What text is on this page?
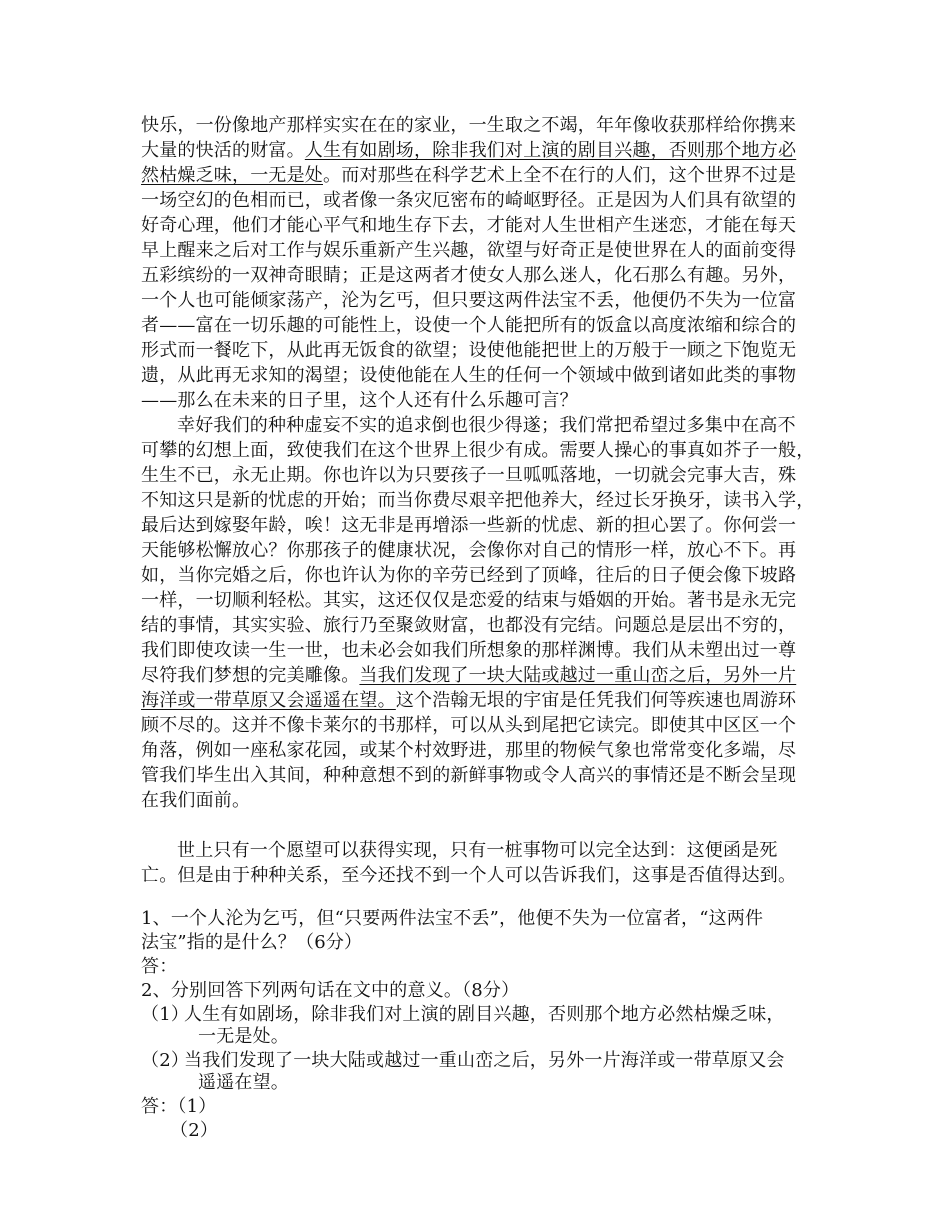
快乐，一份像地产那样实实在在的家业，一生取之不竭，年年像收获那样给你携来
大量的快活的财富。人生有如剧场，除非我们对上演的剧目兴趣，否则那个地方必
然枯燥乏味，一无是处。而对那些在科学艺术上全不在行的人们，这个世界不过是
一场空幻的色相而已，或者像一条灾厄密布的崎岖野径。正是因为人们具有欲望的
好奇心理，他们才能心平气和地生存下去，才能对人生世相产生迷恋，才能在每天
早上醒来之后对工作与娱乐重新产生兴趣，欲望与好奇正是使世界在人的面前变得
五彩缤纷的一双神奇眼睛；正是这两者才使女人那么迷人，化石那么有趣。另外，
一个人也可能倾家荡产，沦为乞丐，但只要这两件法宝不丢，他便仍不失为一位富
者——富在一切乐趣的可能性上，设使一个人能把所有的饭盒以高度浓缩和综合的
形式而一餐吃下，从此再无饭食的欲望；设使他能把世上的万般于一顾之下饱览无
遗，从此再无求知的渴望；设使他能在人生的任何一个领域中做到诸如此类的事物
——那么在未来的日子里，这个人还有什么乐趣可言？
幸好我们的种种虚妄不实的追求倒也很少得遂；我们常把希望过多集中在高不
可攀的幻想上面，致使我们在这个世界上很少有成。需要人操心的事真如芥子一般，
生生不已，永无止期。你也许以为只要孩子一旦呱呱落地，一切就会完事大吉，殊
不知这只是新的忧虑的开始；而当你费尽艰辛把他养大，经过长牙换牙，读书入学，
最后达到嫁娶年龄，唉！这无非是再增添一些新的忧虑、新的担心罢了。你何尝一
天能够松懈放心？你那孩子的健康状况，会像你对自己的情形一样，放心不下。再
如，当你完婚之后，你也许认为你的辛劳已经到了顶峰，往后的日子便会像下坡路
一样，一切顺利轻松。其实，这还仅仅是恋爱的结束与婚姻的开始。著书是永无完
结的事情，其实实验、旅行乃至聚敛财富，也都没有完结。问题总是层出不穷的，
我们即使攻读一生一世，也未必会如我们所想象的那样渊博。我们从未塑出过一尊
尽符我们梦想的完美雕像。当我们发现了一块大陆或越过一重山峦之后，另外一片
海洋或一带草原又会遥遥在望。这个浩翰无垠的宇宙是任凭我们何等疾速也周游环
顾不尽的。这并不像卡莱尔的书那样，可以从头到尾把它读完。即使其中区区一个
角落，例如一座私家花园，或某个村效野进，那里的物候气象也常常变化多端，尽
管我们毕生出入其间，种种意想不到的新鲜事物或令人高兴的事情还是不断会呈现
在我们面前。
世上只有一个愿望可以获得实现，只有一桩事物可以完全达到：这便函是死
亡。但是由于种种关系，至今还找不到一个人可以告诉我们，这事是否值得达到。
1、一个人沦为乞丐，但“只要两件法宝不丢”，他便不失为一位富者，“这两件
法宝”指的是什么？（6分）
答：
2、分别回答下列两句话在文中的意义。（8分）
（1）
人生有如剧场，除非我们对上演的剧目兴趣，否则那个地方必然枯燥乏味，
一无是处。
（2）
当我们发现了一块大陆或越过一重山峦之后，另外一片海洋或一带草原又会
遥遥在望。
答：（1）
（2）
